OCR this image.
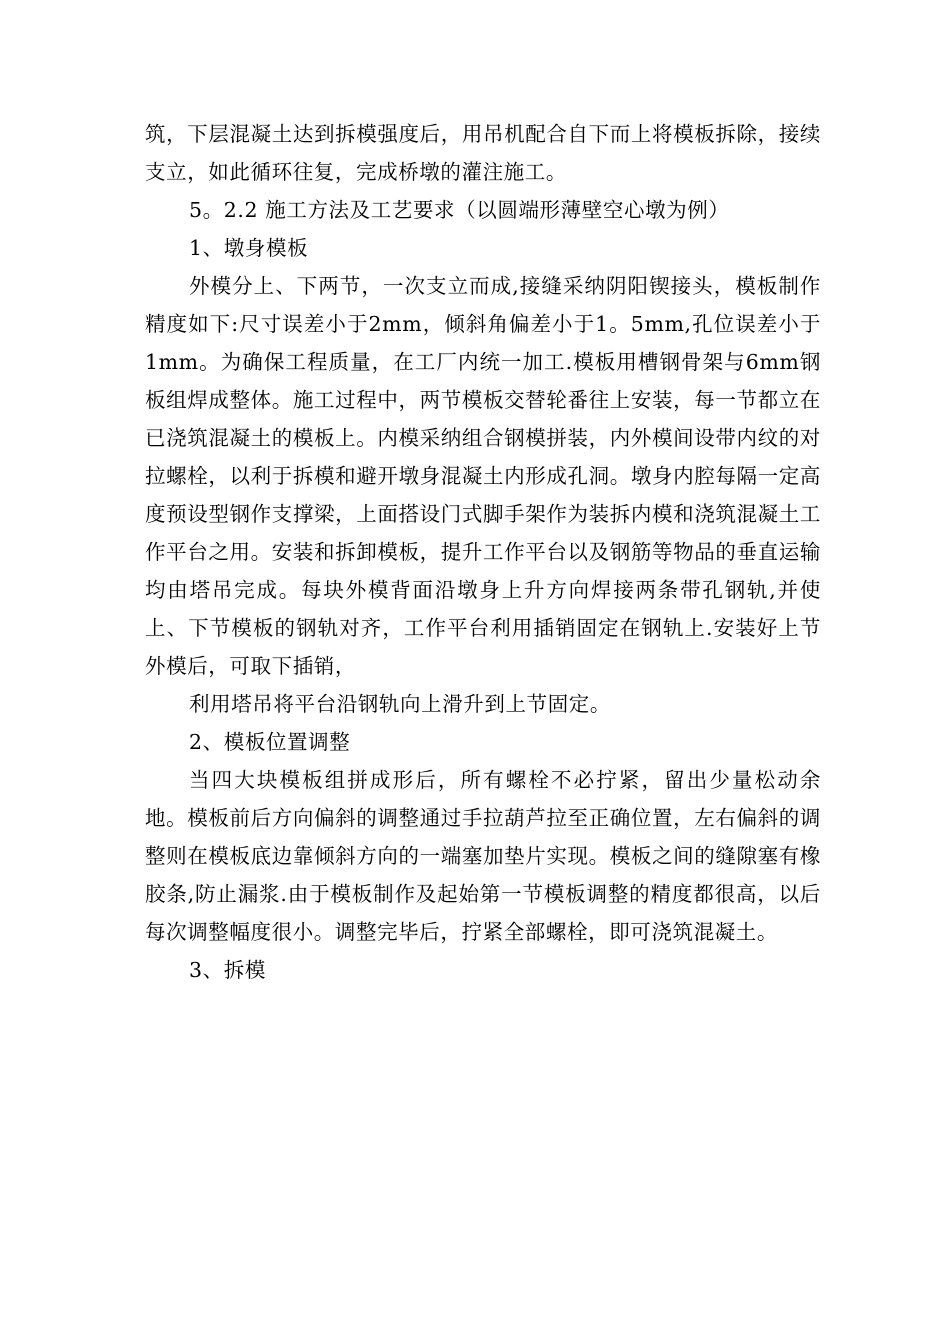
筑，下层混凝土达到拆模强度后，用吊机配合自下而上将模板拆除，接续支立，如此循环往复，完成桥墩的灌注施工。

5。2.2 施工方法及工艺要求（以圆端形薄壁空心墩为例）

1、墩身模板

外模分上、下两节，一次支立而成,接缝采纳阴阳锲接头，模板制作精度如下:尺寸误差小于2mm，倾斜角偏差小于1。5mm,孔位误差小于1mm。为确保工程质量，在工厂内统一加工.模板用槽钢骨架与6mm钢板组焊成整体。施工过程中，两节模板交替轮番往上安装，每一节都立在已浇筑混凝土的模板上。内模采纳组合钢模拼装，内外模间设带内纹的对拉螺栓，以利于拆模和避开墩身混凝土内形成孔洞。墩身内腔每隔一定高度预设型钢作支撑梁，上面搭设门式脚手架作为装拆内模和浇筑混凝土工作平台之用。安装和拆卸模板，提升工作平台以及钢筋等物品的垂直运输均由塔吊完成。每块外模背面沿墩身上升方向焊接两条带孔钢轨,并使上、下节模板的钢轨对齐，工作平台利用插销固定在钢轨上.安装好上节外模后，可取下插销，

利用塔吊将平台沿钢轨向上滑升到上节固定。

2、模板位置调整

当四大块模板组拼成形后，所有螺栓不必拧紧，留出少量松动余地。模板前后方向偏斜的调整通过手拉葫芦拉至正确位置，左右偏斜的调整则在模板底边靠倾斜方向的一端塞加垫片实现。模板之间的缝隙塞有橡胶条,防止漏浆.由于模板制作及起始第一节模板调整的精度都很高，以后每次调整幅度很小。调整完毕后，拧紧全部螺栓，即可浇筑混凝土。

3、拆模
